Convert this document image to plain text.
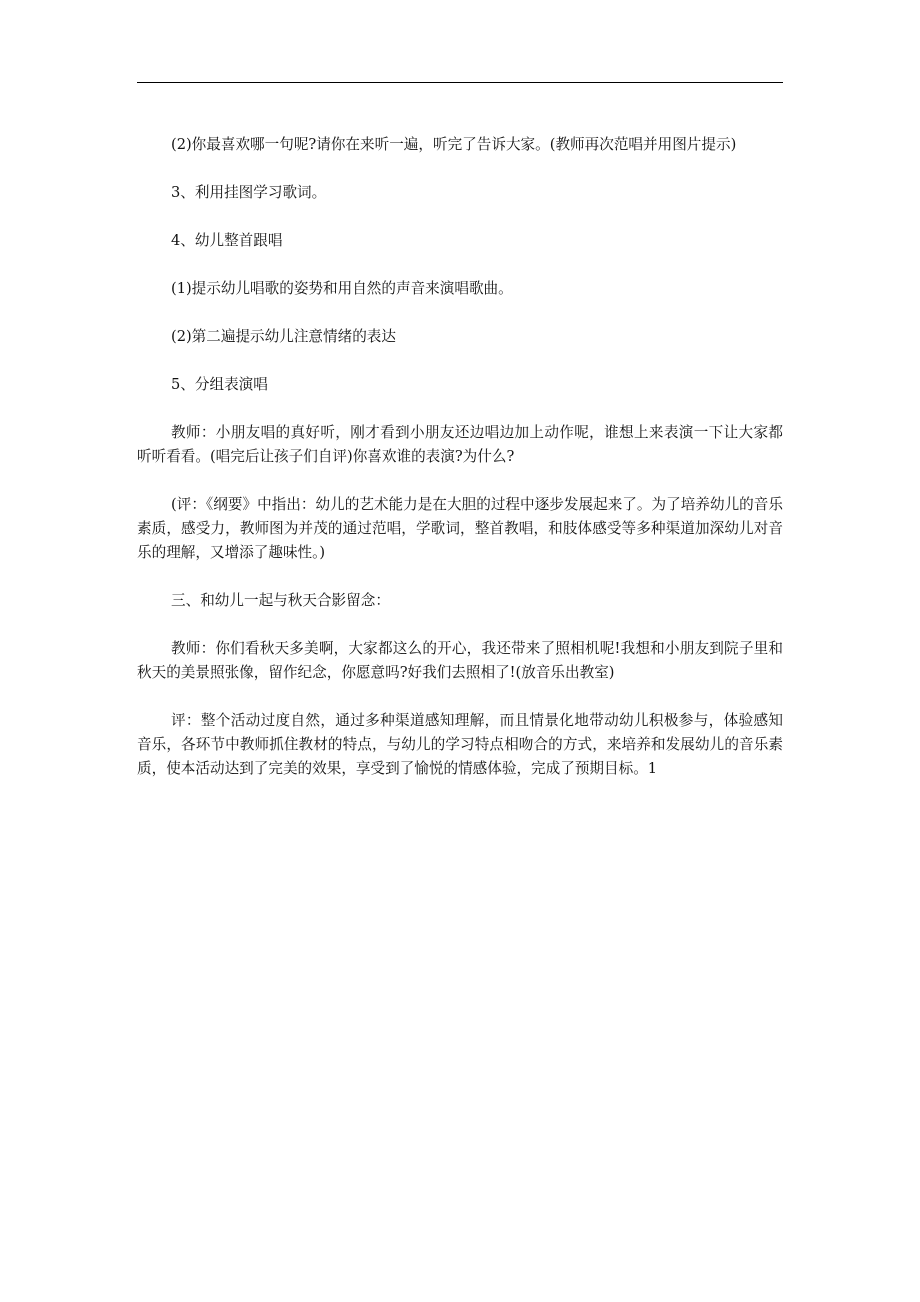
(2)你最喜欢哪一句呢?请你在来听一遍，听完了告诉大家。(教师再次范唱并用图片提示)

3、利用挂图学习歌词。

4、幼儿整首跟唱

(1)提示幼儿唱歌的姿势和用自然的声音来演唱歌曲。

(2)第二遍提示幼儿注意情绪的表达

5、分组表演唱

教师：小朋友唱的真好听，刚才看到小朋友还边唱边加上动作呢，谁想上来表演一下让大家都听听看看。(唱完后让孩子们自评)你喜欢谁的表演?为什么?

(评：《纲要》中指出：幼儿的艺术能力是在大胆的过程中逐步发展起来了。为了培养幼儿的音乐素质，感受力，教师图为并茂的通过范唱，学歌词，整首教唱，和肢体感受等多种渠道加深幼儿对音乐的理解，又增添了趣味性。)

三、和幼儿一起与秋天合影留念：

教师：你们看秋天多美啊，大家都这么的开心，我还带来了照相机呢!我想和小朋友到院子里和秋天的美景照张像，留作纪念，你愿意吗?好我们去照相了!(放音乐出教室)

评：整个活动过度自然，通过多种渠道感知理解，而且情景化地带动幼儿积极参与，体验感知音乐，各环节中教师抓住教材的特点，与幼儿的学习特点相吻合的方式，来培养和发展幼儿的音乐素质，使本活动达到了完美的效果，享受到了愉悦的情感体验，完成了预期目标。1
